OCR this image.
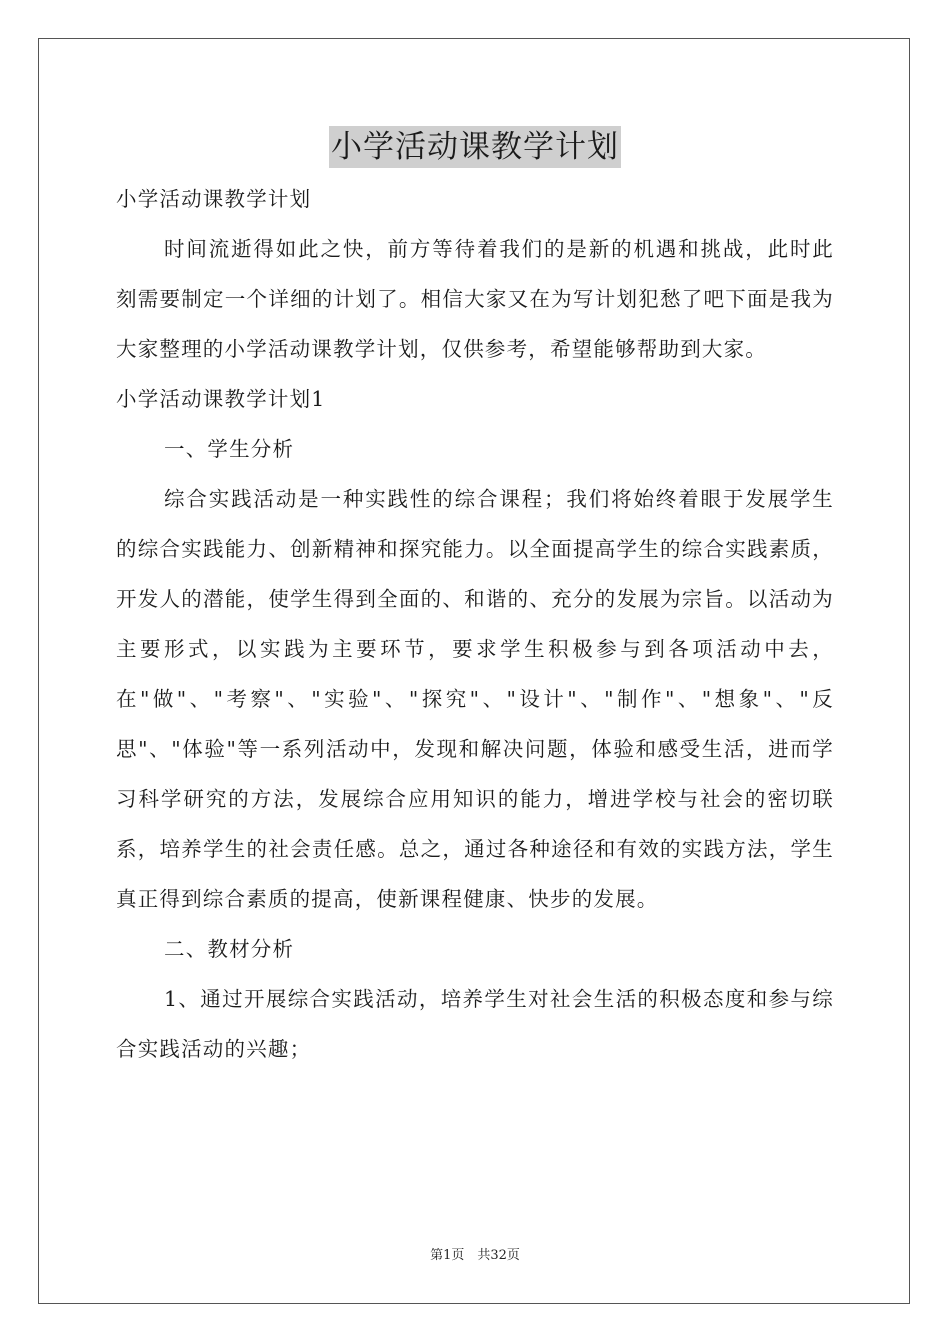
小学活动课教学计划

小学活动课教学计划

时间流逝得如此之快，前方等待着我们的是新的机遇和挑战，此时此刻需要制定一个详细的计划了。相信大家又在为写计划犯愁了吧下面是我为大家整理的小学活动课教学计划，仅供参考，希望能够帮助到大家。

小学活动课教学计划1

一、学生分析

综合实践活动是一种实践性的综合课程；我们将始终着眼于发展学生的综合实践能力、创新精神和探究能力。以全面提高学生的综合实践素质，开发人的潜能，使学生得到全面的、和谐的、充分的发展为宗旨。以活动为主要形式，以实践为主要环节，要求学生积极参与到各项活动中去，在"做"、"考察"、"实验"、"探究"、"设计"、"制作"、"想象"、"反思"、"体验"等一系列活动中，发现和解决问题，体验和感受生活，进而学习科学研究的方法，发展综合应用知识的能力，增进学校与社会的密切联系，培养学生的社会责任感。总之，通过各种途径和有效的实践方法，学生真正得到综合素质的提高，使新课程健康、快步的发展。

二、教材分析

1、通过开展综合实践活动，培养学生对社会生活的积极态度和参与综合实践活动的兴趣；

第1页　共32页
